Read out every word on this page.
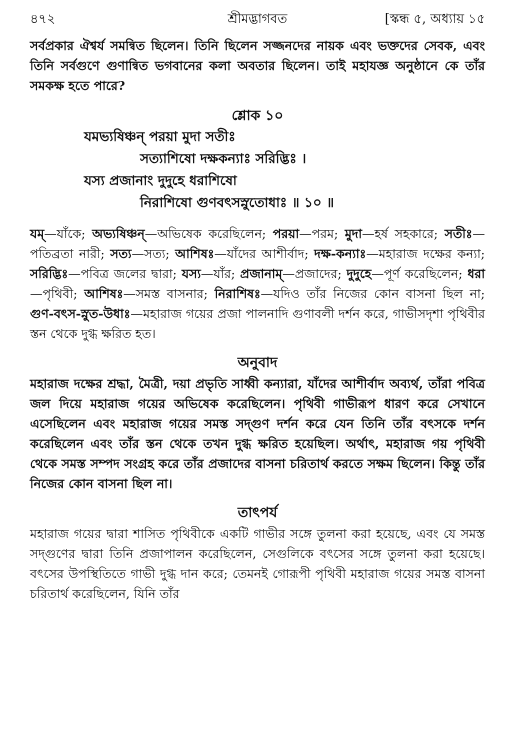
৪৭২	শ্রীমদ্ভাগবত	[স্কন্ধ ৫, অধ্যায় ১৫

সর্বপ্রকার ঐশ্বর্য সমন্বিত ছিলেন। তিনি ছিলেন সজ্জনদের নায়ক এবং ভক্তদের সেবক, এবং তিনি সর্বগুণে গুণান্বিত ভগবানের কলা অবতার ছিলেন। তাই মহাযজ্ঞ অনুষ্ঠানে কে তাঁর সমকক্ষ হতে পারে?

শ্লোক ১০
যমভ্যষিঞ্চন্ পরয়া মুদা সতীঃ
সত্যাশিষো দক্ষকন্যাঃ সরিদ্ভিঃ ।
যস্য প্রজানাং দুদুহে ধরাশিষো
নিরাশিষো গুণবৎসস্নুতোধাঃ ॥ ১০ ॥

যম্—যাঁকে; অভ্যষিঞ্চন্—অভিষেক করেছিলেন; পরয়া—পরম; মুদা—হর্ষ সহকারে; সতীঃ—পতিব্রতা নারী; সত্য—সত্য; আশিষঃ—যাঁদের আশীর্বাদ; দক্ষ-কন্যাঃ—মহারাজ দক্ষের কন্যা; সরিদ্ভিঃ—পবিত্র জলের দ্বারা; যস্য—যাঁর; প্রজানাম্—প্রজাদের; দুদুহে—পূর্ণ করেছিলেন; ধরা—পৃথিবী; আশিষঃ—সমস্ত বাসনার; নিরাশিষঃ—যদিও তাঁর নিজের কোন বাসনা ছিল না; গুণ-বৎস-স্নুত-উধাঃ—মহারাজ গয়ের প্রজা পালনাদি গুণাবলী দর্শন করে, গাভীসদৃশা পৃথিবীর স্তন থেকে দুগ্ধ ক্ষরিত হত।

অনুবাদ

মহারাজ দক্ষের শ্রদ্ধা, মৈত্রী, দয়া প্রভৃতি সাধ্বী কন্যারা, যাঁদের আশীর্বাদ অব্যর্থ, তাঁরা পবিত্র জল দিয়ে মহারাজ গয়ের অভিষেক করেছিলেন। পৃথিবী গাভীরূপ ধারণ করে সেখানে এসেছিলেন এবং মহারাজ গয়ের সমস্ত সদ্গুণ দর্শন করে যেন তিনি তাঁর বৎসকে দর্শন করেছিলেন এবং তাঁর স্তন থেকে তখন দুগ্ধ ক্ষরিত হয়েছিল। অর্থাৎ, মহারাজ গয় পৃথিবী থেকে সমস্ত সম্পদ সংগ্রহ করে তাঁর প্রজাদের বাসনা চরিতার্থ করতে সক্ষম ছিলেন। কিন্তু তাঁর নিজের কোন বাসনা ছিল না।

তাৎপর্য

মহারাজ গয়ের দ্বারা শাসিত পৃথিবীকে একটি গাভীর সঙ্গে তুলনা করা হয়েছে, এবং যে সমস্ত সদ্গুণের দ্বারা তিনি প্রজাপালন করেছিলেন, সেগুলিকে বৎসের সঙ্গে তুলনা করা হয়েছে। বৎসের উপস্থিতিতে গাভী দুগ্ধ দান করে; তেমনই গোরূপী পৃথিবী মহারাজ গয়ের সমস্ত বাসনা চরিতার্থ করেছিলেন, যিনি তাঁর
